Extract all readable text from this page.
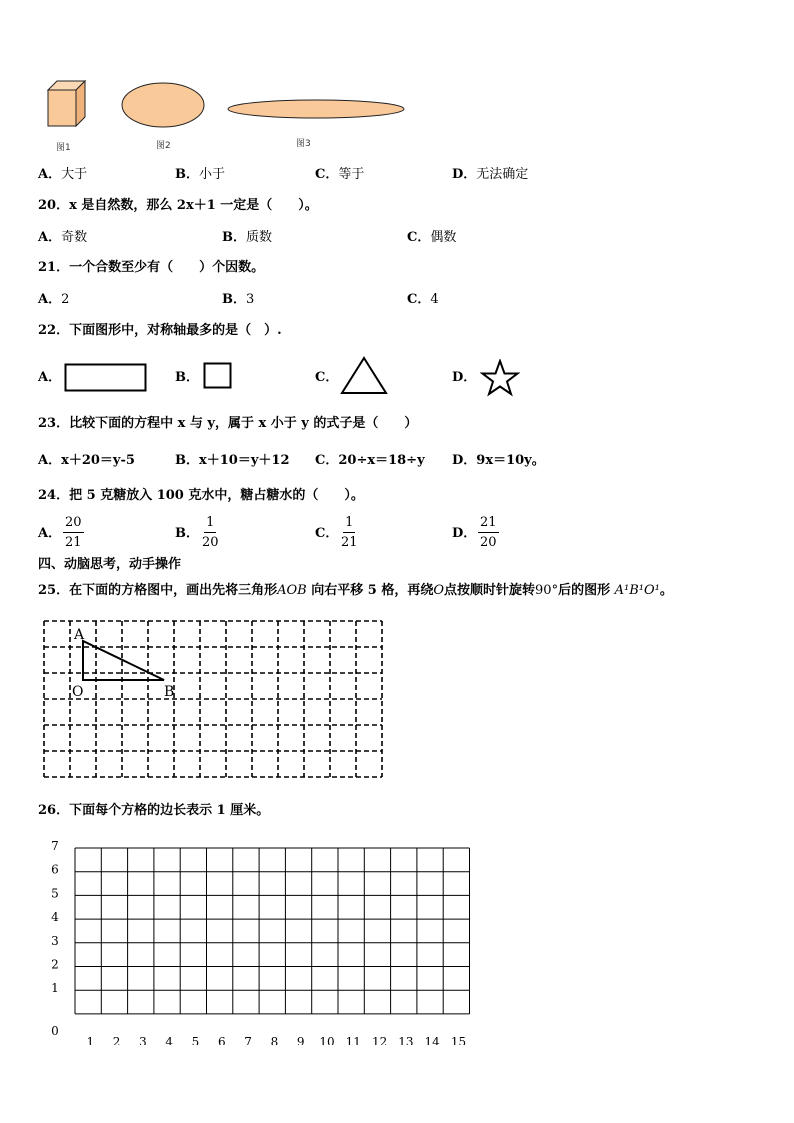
图1	图2	图3
A．大于	B．小于	C．等于	D．无法确定
20．x 是自然数，那么 2x＋1 一定是（　　）。
A．奇数	B．质数	C．偶数
21．一个合数至少有（　　）个因数。
A．2	B．3	C．4
22．下面图形中，对称轴最多的是（　）.
A．	B．	C．	D．
23．比较下面的方程中 x 与 y，属于 x 小于 y 的式子是（　　）
A．x＋20＝y-5	B．x＋10＝y＋12 C．20÷x＝18÷y D．9x＝10y。
24．把 5 克糖放入 100 克水中，糖占糖水的（　　）。
A． $\frac{20}{21}$	B． $\frac{1}{20}$	C． $\frac{1}{21}$	D． $\frac{21}{20}$
四、动脑思考，动手操作
25．在下面的方格图中，画出先将三角形AOB 向右平移 5 格，再绕O点按顺时针旋转90°后的图形 A¹B¹O¹。
A
O	B
26．下面每个方格的边长表示 1 厘米。
0
1
2
3
4
5
6
7
1 2 3 4 5 6 7 8 9 10 11 12 13 14 15
